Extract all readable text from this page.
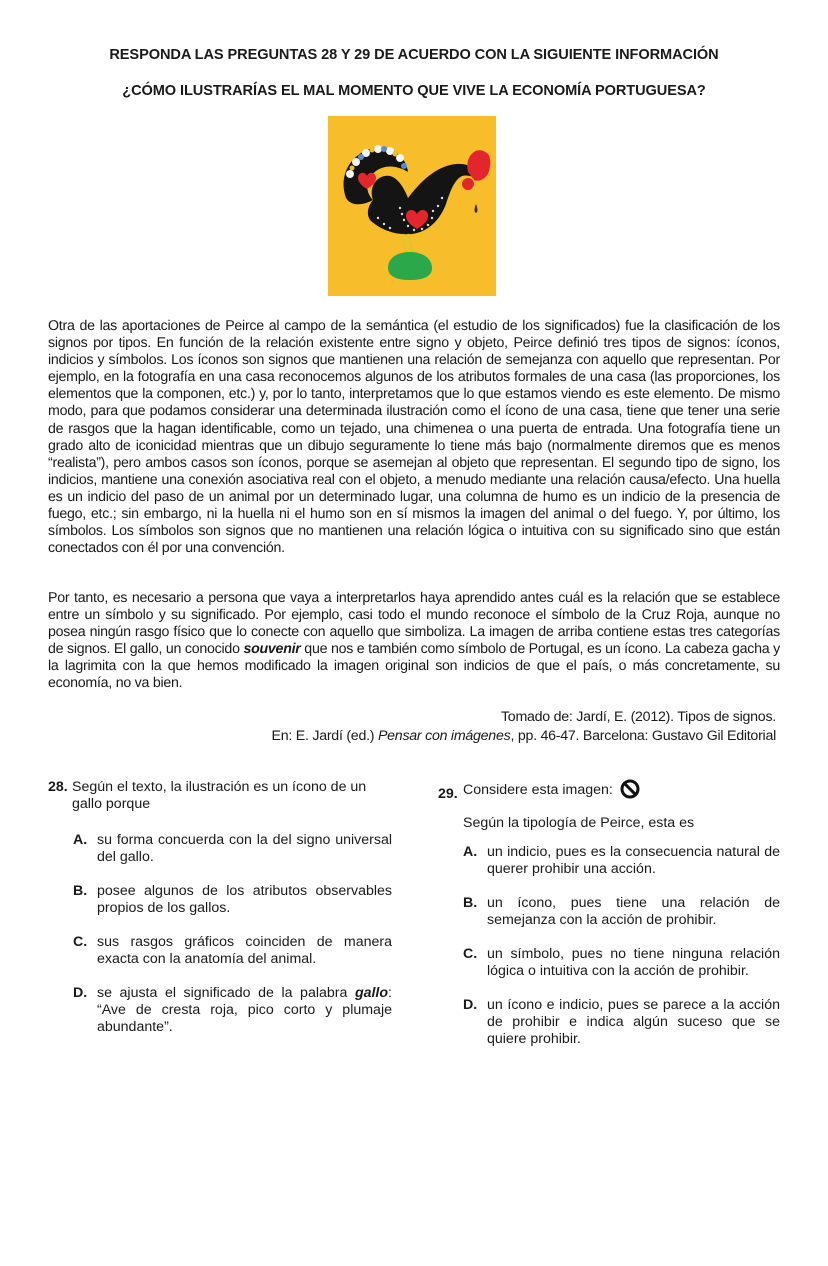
RESPONDA LAS PREGUNTAS 28 Y 29 DE ACUERDO CON LA SIGUIENTE INFORMACIÓN
¿CÓMO ILUSTRARÍAS EL MAL MOMENTO QUE VIVE LA ECONOMÍA PORTUGUESA?
Otra de las aportaciones de Peirce al campo de la semántica (el estudio de los significados) fue la clasificación de los signos por tipos. En función de la relación existente entre signo y objeto, Peirce definió tres tipos de signos: íconos, indicios y símbolos. Los íconos son signos que mantienen una relación de semejanza con aquello que representan. Por ejemplo, en la fotografía en una casa reconocemos algunos de los atributos formales de una casa (las proporciones, los elementos que la componen, etc.) y, por lo tanto, interpretamos que lo que estamos viendo es este elemento. De mismo modo, para que podamos considerar una determinada ilustración como el ícono de una casa, tiene que tener una serie de rasgos que la hagan identificable, como un tejado, una chimenea o una puerta de entrada. Una fotografía tiene un grado alto de iconicidad mientras que un dibujo seguramente lo tiene más bajo (normalmente diremos que es menos “realista”), pero ambos casos son íconos, porque se asemejan al objeto que representan. El segundo tipo de signo, los indicios, mantiene una conexión asociativa real con el objeto, a menudo mediante una relación causa/efecto. Una huella es un indicio del paso de un animal por un determinado lugar, una columna de humo es un indicio de la presencia de fuego, etc.; sin embargo, ni la huella ni el humo son en sí mismos la imagen del animal o del fuego. Y, por último, los símbolos. Los símbolos son signos que no mantienen una relación lógica o intuitiva con su significado sino que están conectados con él por una convención.
Por tanto, es necesario a persona que vaya a interpretarlos haya aprendido antes cuál es la relación que se establece entre un símbolo y su significado. Por ejemplo, casi todo el mundo reconoce el símbolo de la Cruz Roja, aunque no posea ningún rasgo físico que lo conecte con aquello que simboliza. La imagen de arriba contiene estas tres categorías de signos. El gallo, un conocido souvenir que nos e también como símbolo de Portugal, es un ícono. La cabeza gacha y la lagrimita con la que hemos modificado la imagen original son indicios de que el país, o más concretamente, su economía, no va bien.
Tomado de: Jardí, E. (2012). Tipos de signos.
En: E. Jardí (ed.) Pensar con imágenes, pp. 46-47. Barcelona: Gustavo Gil Editorial
28. Según el texto, la ilustración es un ícono de un gallo porque
A. su forma concuerda con la del signo universal del gallo.
B. posee algunos de los atributos observables propios de los gallos.
C. sus rasgos gráficos coinciden de manera exacta con la anatomía del animal.
D. se ajusta el significado de la palabra gallo: “Ave de cresta roja, pico corto y plumaje abundante”.
29. Considere esta imagen:
Según la tipología de Peirce, esta es
A. un indicio, pues es la consecuencia natural de querer prohibir una acción.
B. un ícono, pues tiene una relación de semejanza con la acción de prohibir.
C. un símbolo, pues no tiene ninguna relación lógica o intuitiva con la acción de prohibir.
D. un ícono e indicio, pues se parece a la acción de prohibir e indica algún suceso que se quiere prohibir.
